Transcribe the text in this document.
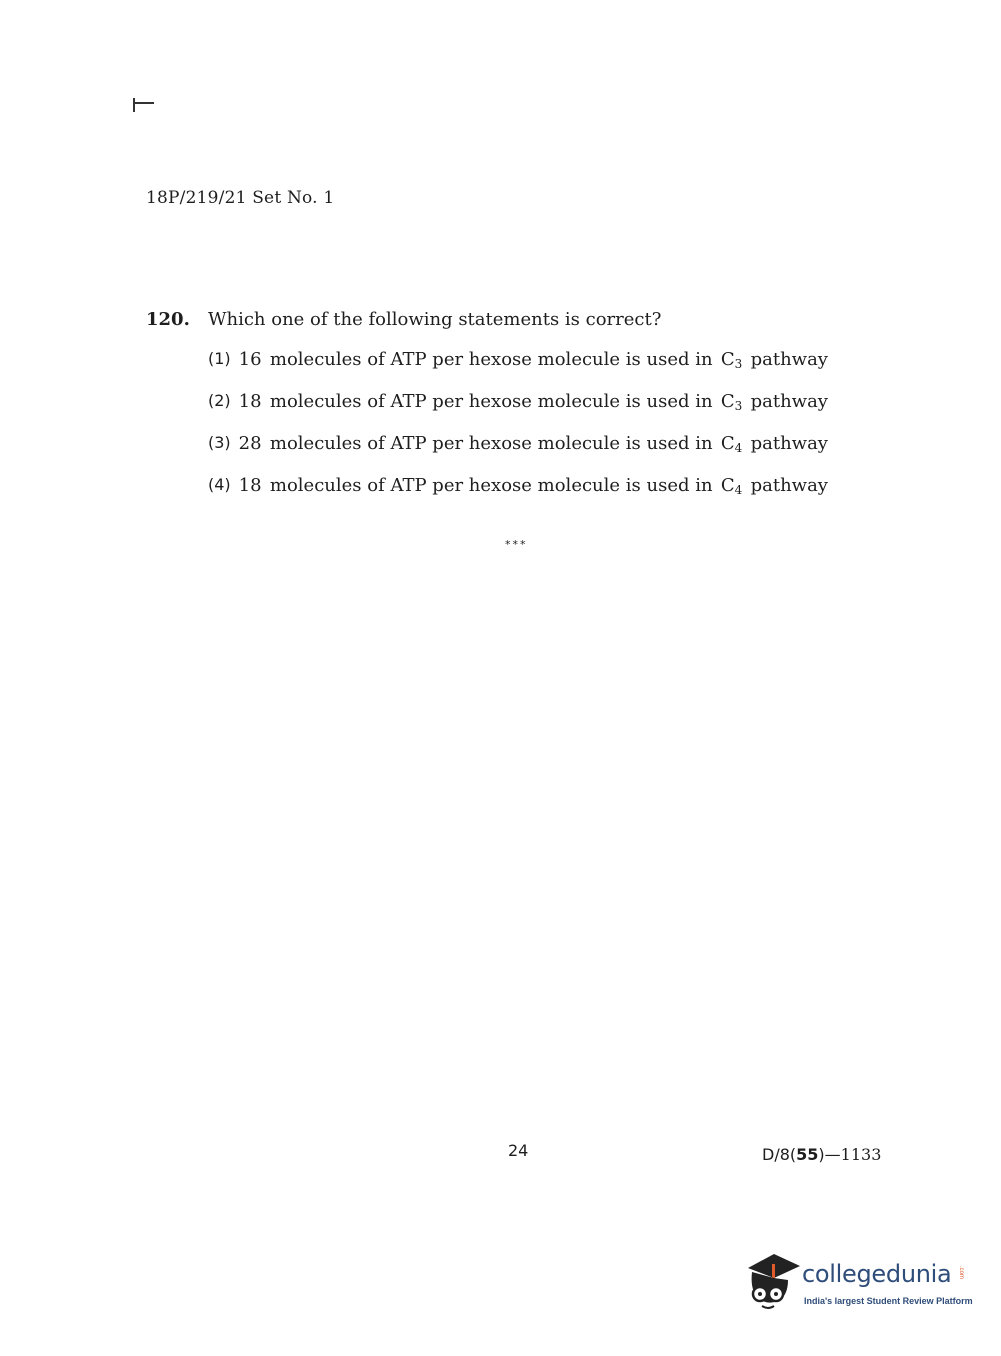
18P/219/21 Set No. 1
120. Which one of the following statements is correct?
(1) 16 molecules of ATP per hexose molecule is used in C3 pathway
(2) 18 molecules of ATP per hexose molecule is used in C3 pathway
(3) 28 molecules of ATP per hexose molecule is used in C4 pathway
(4) 18 molecules of ATP per hexose molecule is used in C4 pathway
***
24	D/8(55)—1133
collegedunia .com
India's largest Student Review Platform
